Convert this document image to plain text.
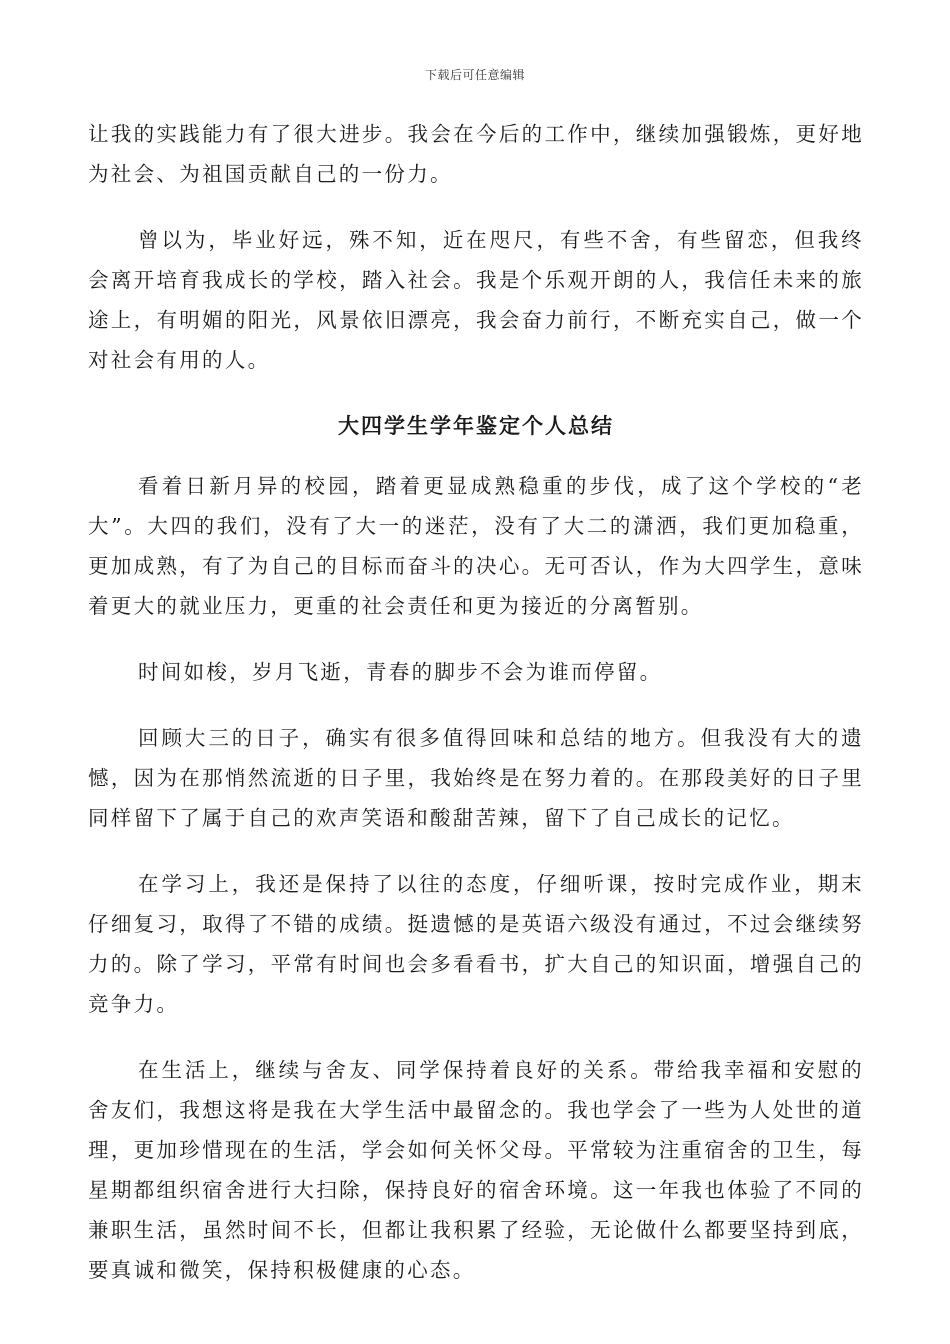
下载后可任意编辑

让我的实践能力有了很大进步。我会在今后的工作中，继续加强锻炼，更好地为社会、为祖国贡献自己的一份力。

曾以为，毕业好远，殊不知，近在咫尺，有些不舍，有些留恋，但我终会离开培育我成长的学校，踏入社会。我是个乐观开朗的人，我信任未来的旅途上，有明媚的阳光，风景依旧漂亮，我会奋力前行，不断充实自己，做一个对社会有用的人。

大四学生学年鉴定个人总结

看着日新月异的校园，踏着更显成熟稳重的步伐，成了这个学校的“老大”。大四的我们，没有了大一的迷茫，没有了大二的潇洒，我们更加稳重，更加成熟，有了为自己的目标而奋斗的决心。无可否认，作为大四学生，意味着更大的就业压力，更重的社会责任和更为接近的分离暂别。

时间如梭，岁月飞逝，青春的脚步不会为谁而停留。

回顾大三的日子，确实有很多值得回味和总结的地方。但我没有大的遗憾，因为在那悄然流逝的日子里，我始终是在努力着的。在那段美好的日子里同样留下了属于自己的欢声笑语和酸甜苦辣，留下了自己成长的记忆。

在学习上，我还是保持了以往的态度，仔细听课，按时完成作业，期末仔细复习，取得了不错的成绩。挺遗憾的是英语六级没有通过，不过会继续努力的。除了学习，平常有时间也会多看看书，扩大自己的知识面，增强自己的竞争力。

在生活上，继续与舍友、同学保持着良好的关系。带给我幸福和安慰的舍友们，我想这将是我在大学生活中最留念的。我也学会了一些为人处世的道理，更加珍惜现在的生活，学会如何关怀父母。平常较为注重宿舍的卫生，每星期都组织宿舍进行大扫除，保持良好的宿舍环境。这一年我也体验了不同的兼职生活，虽然时间不长，但都让我积累了经验，无论做什么都要坚持到底，要真诚和微笑，保持积极健康的心态。
